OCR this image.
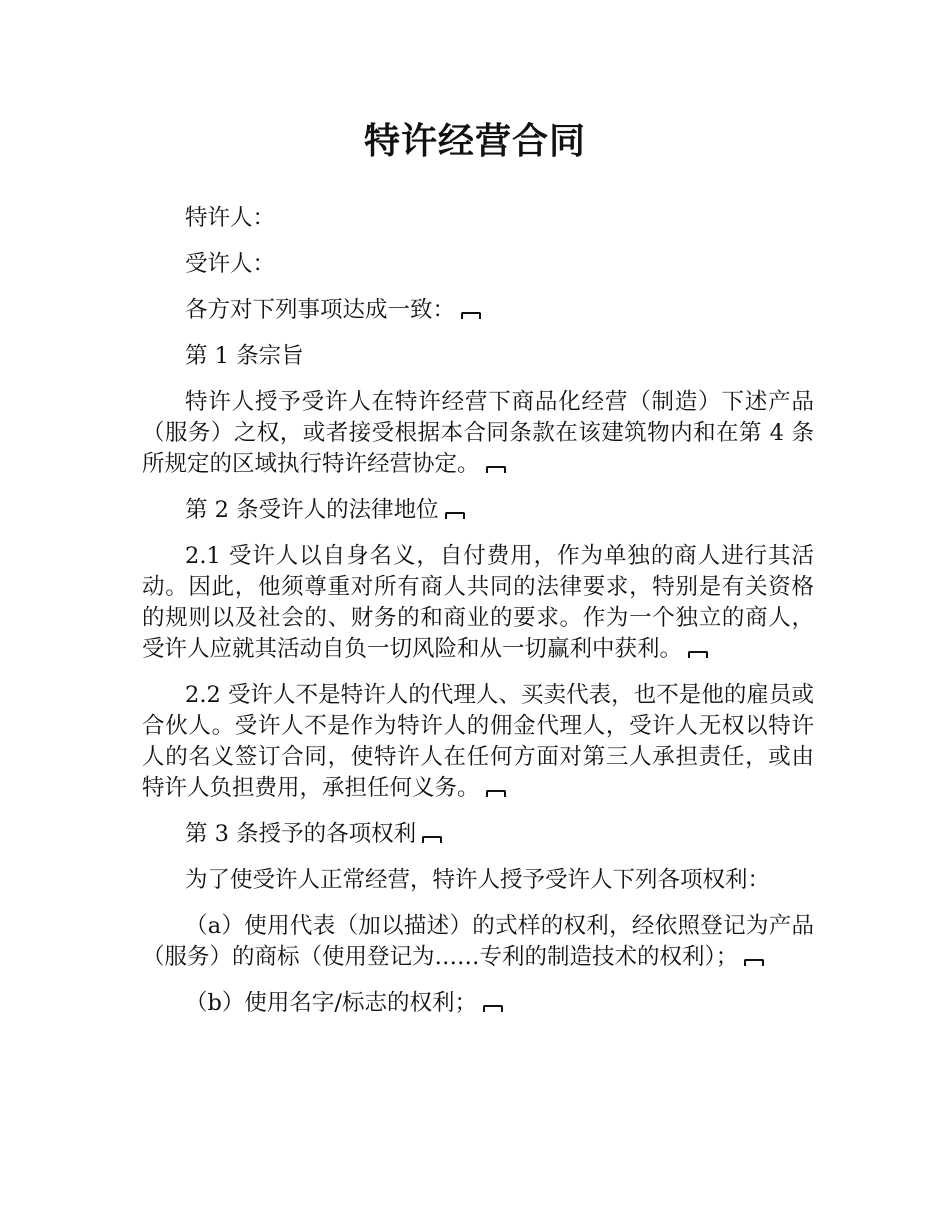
特许经营合同

特许人：

受许人：

各方对下列事项达成一致：

第 1 条宗旨

特许人授予受许人在特许经营下商品化经营（制造）下述产品（服务）之权，或者接受根据本合同条款在该建筑物内和在第 4 条所规定的区域执行特许经营协定。

第 2 条受许人的法律地位

2.1 受许人以自身名义，自付费用，作为单独的商人进行其活动。因此，他须尊重对所有商人共同的法律要求，特别是有关资格的规则以及社会的、财务的和商业的要求。作为一个独立的商人，受许人应就其活动自负一切风险和从一切赢利中获利。

2.2 受许人不是特许人的代理人、买卖代表，也不是他的雇员或合伙人。受许人不是作为特许人的佣金代理人，受许人无权以特许人的名义签订合同，使特许人在任何方面对第三人承担责任，或由特许人负担费用，承担任何义务。

第 3 条授予的各项权利

为了使受许人正常经营，特许人授予受许人下列各项权利：

（a）使用代表（加以描述）的式样的权利，经依照登记为产品（服务）的商标（使用登记为……专利的制造技术的权利）；

（b）使用名字/标志的权利；
